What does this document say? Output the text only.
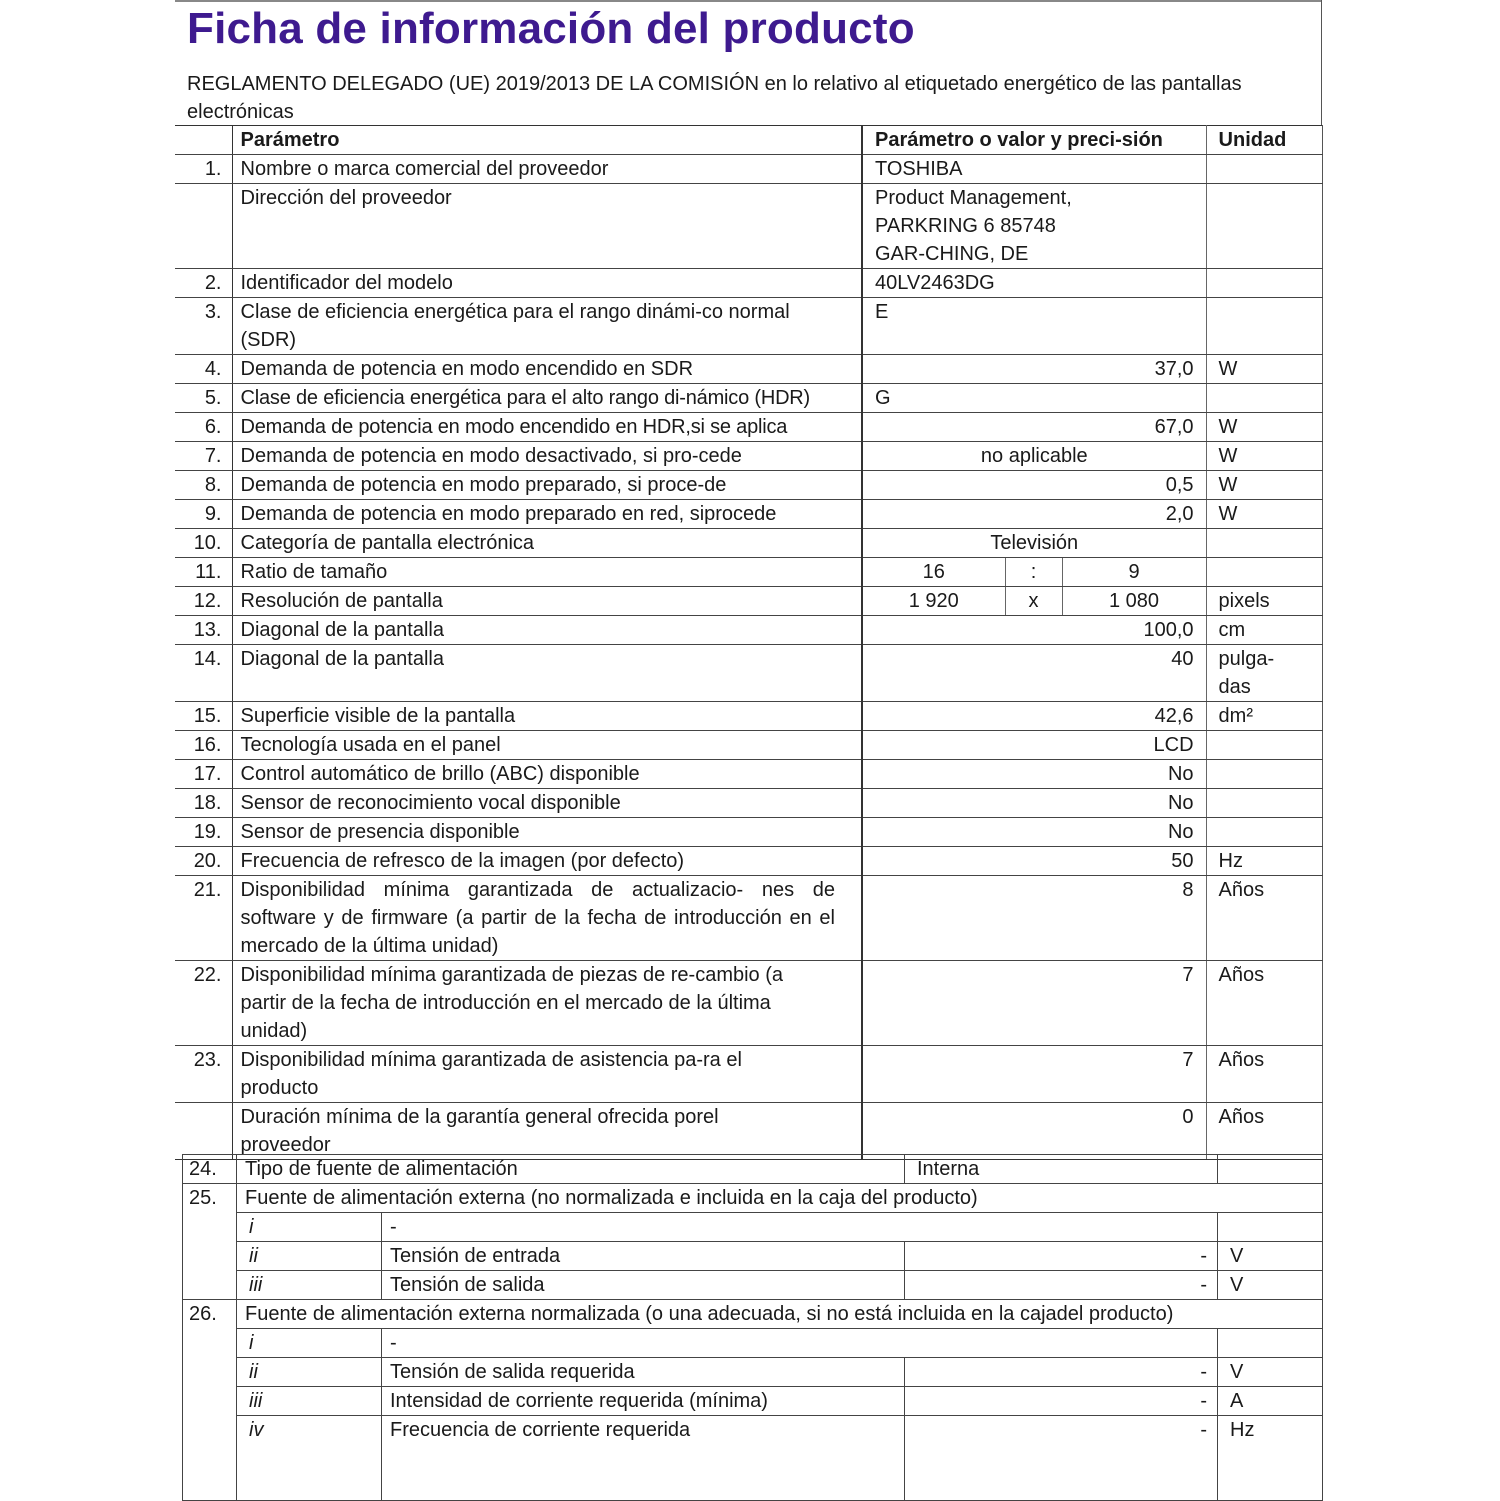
Ficha de información del producto

REGLAMENTO DELEGADO (UE) 2019/2013 DE LA COMISIÓN en lo relativo al etiquetado energético de las pantallas electrónicas

	Parámetro	Parámetro o valor y preci-sión			Unidad
1.	Nombre o marca comercial del proveedor	TOSHIBA			
	Dirección del proveedor	Product Management, PARKRING 6 85748 GAR-CHING, DE			
2.	Identificador del modelo	40LV2463DG			
3.	Clase de eficiencia energética para el rango dinámi-co normal (SDR)	E			
4.	Demanda de potencia en modo encendido en SDR	37,0			W
5.	Clase de eficiencia energética para el alto rango di-námico (HDR)	G			
6.	Demanda de potencia en modo encendido en HDR,si se aplica	67,0			W
7.	Demanda de potencia en modo desactivado, si pro-cede	no aplicable			W
8.	Demanda de potencia en modo preparado, si proce-de	0,5			W
9.	Demanda de potencia en modo preparado en red, siprocede	2,0			W
10.	Categoría de pantalla electrónica	Televisión			
11.	Ratio de tamaño	16	:	9	
12.	Resolución de pantalla	1 920	x	1 080	pixels
13.	Diagonal de la pantalla	100,0			cm
14.	Diagonal de la pantalla	40			pulga-das
15.	Superficie visible de la pantalla	42,6			dm²
16.	Tecnología usada en el panel	LCD			
17.	Control automático de brillo (ABC) disponible	No			
18.	Sensor de reconocimiento vocal disponible	No			
19.	Sensor de presencia disponible	No			
20.	Frecuencia de refresco de la imagen (por defecto)	50			Hz
21.	Disponibilidad mínima garantizada de actualizacio- nes de software y de firmware (a partir de la fecha de introducción en el mercado de la última unidad)	8			Años
22.	Disponibilidad mínima garantizada de piezas de re-cambio (a partir de la fecha de introducción en el mercado de la última unidad)	7			Años
23.	Disponibilidad mínima garantizada de asistencia pa-ra el producto	7			Años
	Duración mínima de la garantía general ofrecida porel proveedor	0			Años
24.	Tipo de fuente de alimentación		Interna	
25.	Fuente de alimentación externa (no normalizada e incluida en la caja del producto)			
	i	-		
	ii	Tensión de entrada	-	V
	iii	Tensión de salida	-	V
26.	Fuente de alimentación externa normalizada (o una adecuada, si no está incluida en la cajadel producto)			
	i	-		
	ii	Tensión de salida requerida	-	V
	iii	Intensidad de corriente requerida (mínima)	-	A
	iv	Frecuencia de corriente requerida	-	Hz
